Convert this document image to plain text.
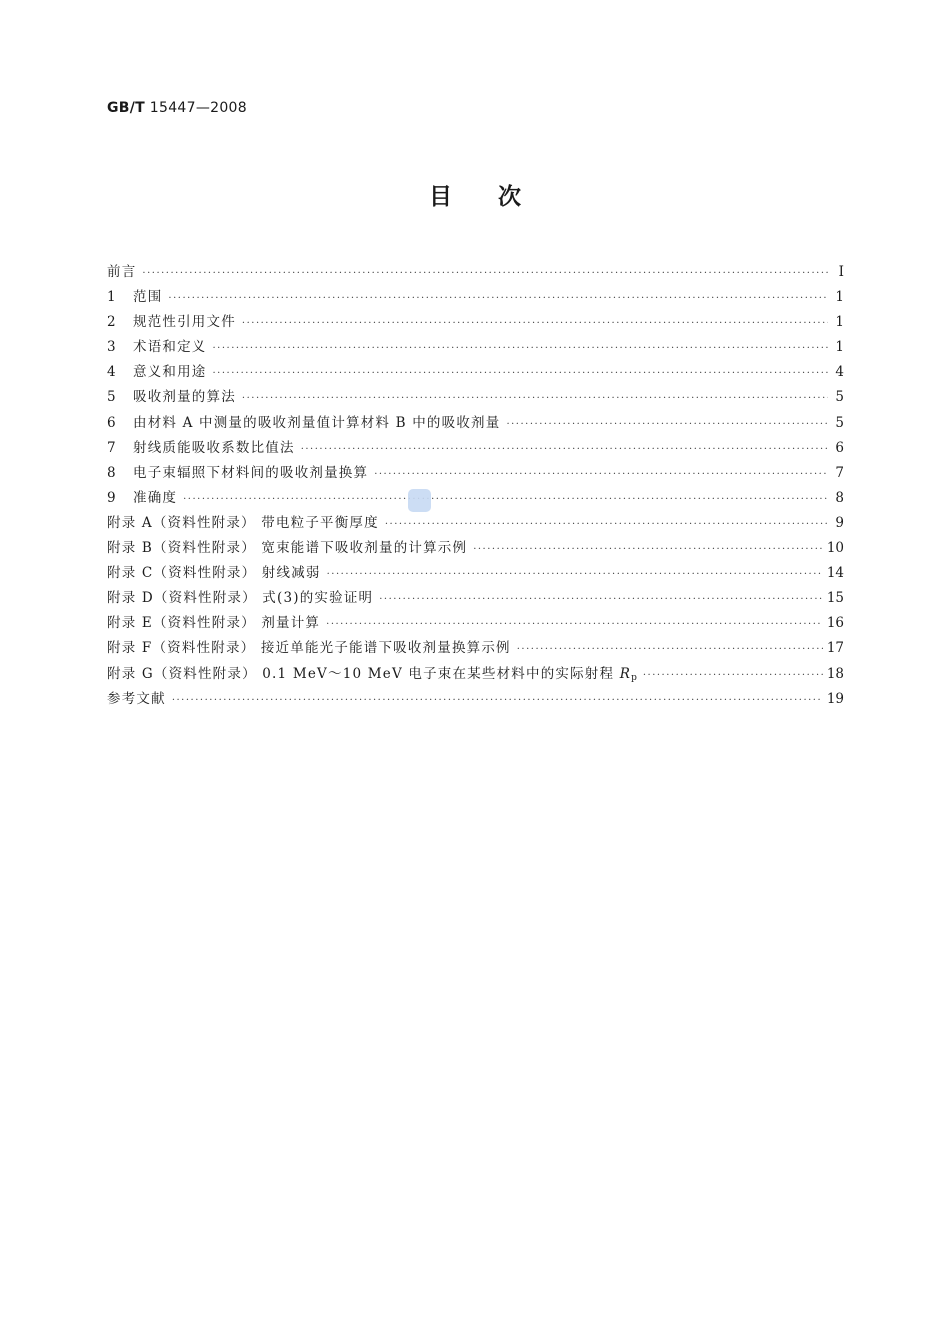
GB/T 15447—2008
目 次
前言 ·····	Ⅰ
1	范围 ·····	1
2	规范性引用文件 ·····	1
3	术语和定义 ·····	1
4	意义和用途 ·····	4
5	吸收剂量的算法 ·····	5
6	由材料 A 中测量的吸收剂量值计算材料 B 中的吸收剂量 ·····	5
7	射线质能吸收系数比值法 ·····	6
8	电子束辐照下材料间的吸收剂量换算 ·····	7
9	准确度 ·····	8
附录 A（资料性附录） 带电粒子平衡厚度 ·····	9
附录 B（资料性附录） 宽束能谱下吸收剂量的计算示例 ·····	10
附录 C（资料性附录） 射线减弱 ·····	14
附录 D（资料性附录） 式(3)的实验证明 ·····	15
附录 E（资料性附录） 剂量计算 ·····	16
附录 F（资料性附录） 接近单能光子能谱下吸收剂量换算示例 ·····	17
附录 G（资料性附录） 0.1 MeV～10 MeV 电子束在某些材料中的实际射程 $R_p$ ·····	18
参考文献 ·····	19
